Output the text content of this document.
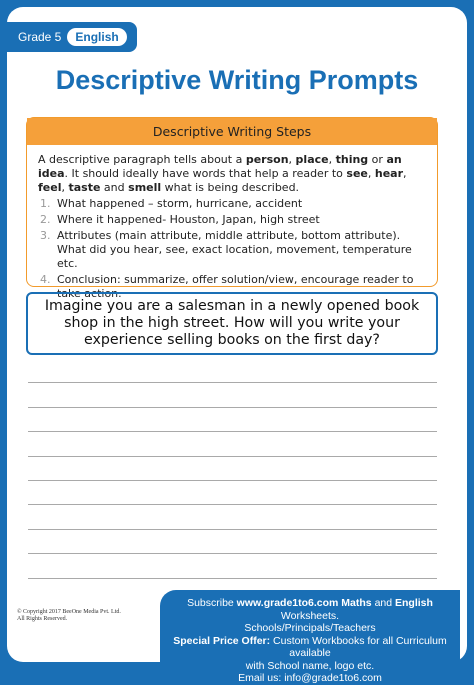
Grade 5	English
Descriptive Writing Prompts
Descriptive Writing Steps

A descriptive paragraph tells about a person, place, thing or an idea. It should ideally have words that help a reader to see, hear, feel, taste and smell what is being described.

1. What happened – storm, hurricane, accident
2. Where it happened- Houston, Japan, high street
3. Attributes (main attribute, middle attribute, bottom attribute). What did you hear, see, exact location, movement, temperature etc.
4. Conclusion: summarize, offer solution/view, encourage reader to take action.
Imagine you are a salesman in a newly opened book shop in the high street. How will you write your experience selling books on the first day?
© Copyright 2017 BeeOne Media Pvt. Ltd.
All Rights Reserved.
Subscribe www.grade1to6.com Maths and English Worksheets.
Schools/Principals/Teachers
Special Price Offer: Custom Workbooks for all Curriculum available
with School name, logo etc.
Email us: info@grade1to6.com
